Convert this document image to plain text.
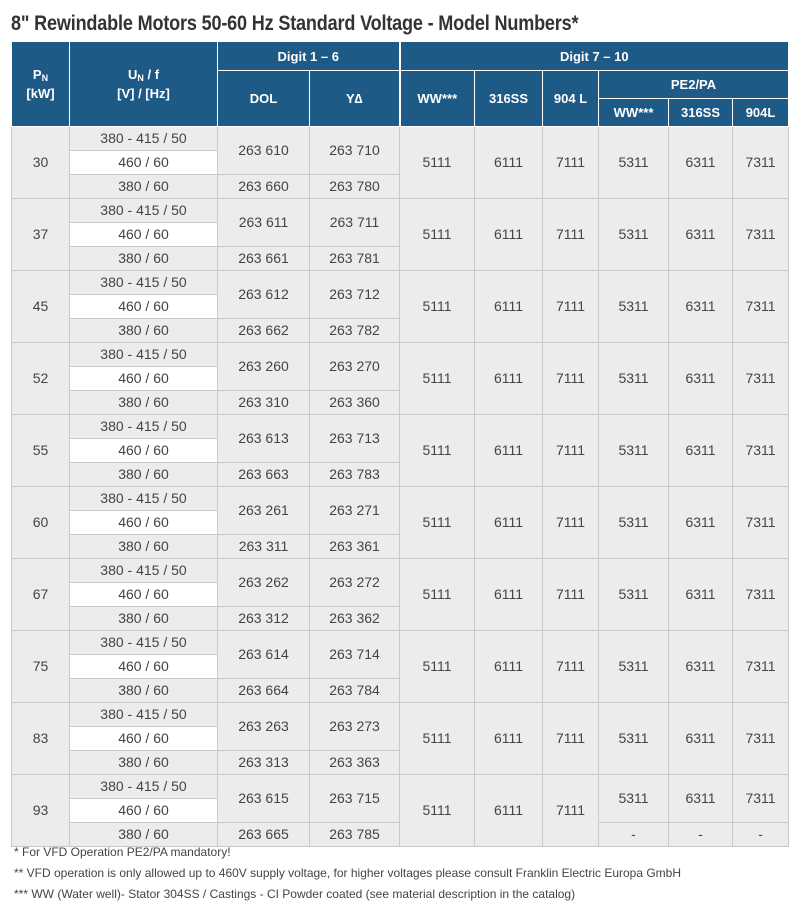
8" Rewindable Motors 50-60 Hz Standard Voltage - Model Numbers*
$P_N$
[kW]	$U_N$ / f
[V] / [Hz]	Digit 1 – 6		Digit 7 – 10					
		DOL	Y∆	WW***	316SS	904 L	PE2/PA		
							WW***	316SS	904L
30	380 - 415 / 50	263 610	263 710	5111	6111	7111	5311	6311	7311
	460 / 60								
	380 / 60	263 660	263 780						
37	380 - 415 / 50	263 611	263 711	5111	6111	7111	5311	6311	7311
	460 / 60								
	380 / 60	263 661	263 781						
45	380 - 415 / 50	263 612	263 712	5111	6111	7111	5311	6311	7311
	460 / 60								
	380 / 60	263 662	263 782						
52	380 - 415 / 50	263 260	263 270	5111	6111	7111	5311	6311	7311
	460 / 60								
	380 / 60	263 310	263 360						
55	380 - 415 / 50	263 613	263 713	5111	6111	7111	5311	6311	7311
	460 / 60								
	380 / 60	263 663	263 783						
60	380 - 415 / 50	263 261	263 271	5111	6111	7111	5311	6311	7311
	460 / 60								
	380 / 60	263 311	263 361						
67	380 - 415 / 50	263 262	263 272	5111	6111	7111	5311	6311	7311
	460 / 60								
	380 / 60	263 312	263 362						
75	380 - 415 / 50	263 614	263 714	5111	6111	7111	5311	6311	7311
	460 / 60								
	380 / 60	263 664	263 784						
83	380 - 415 / 50	263 263	263 273	5111	6111	7111	5311	6311	7311
	460 / 60								
	380 / 60	263 313	263 363						
93	380 - 415 / 50	263 615	263 715	5111	6111	7111	5311	6311	7311
	460 / 60								
	380 / 60	263 665	263 785				-	-	-
* For VFD Operation PE2/PA mandatory!
** VFD operation is only allowed up to 460V supply voltage, for higher voltages please consult Franklin Electric Europa GmbH
*** WW (Water well)- Stator 304SS / Castings - CI Powder coated (see material description in the catalog)
